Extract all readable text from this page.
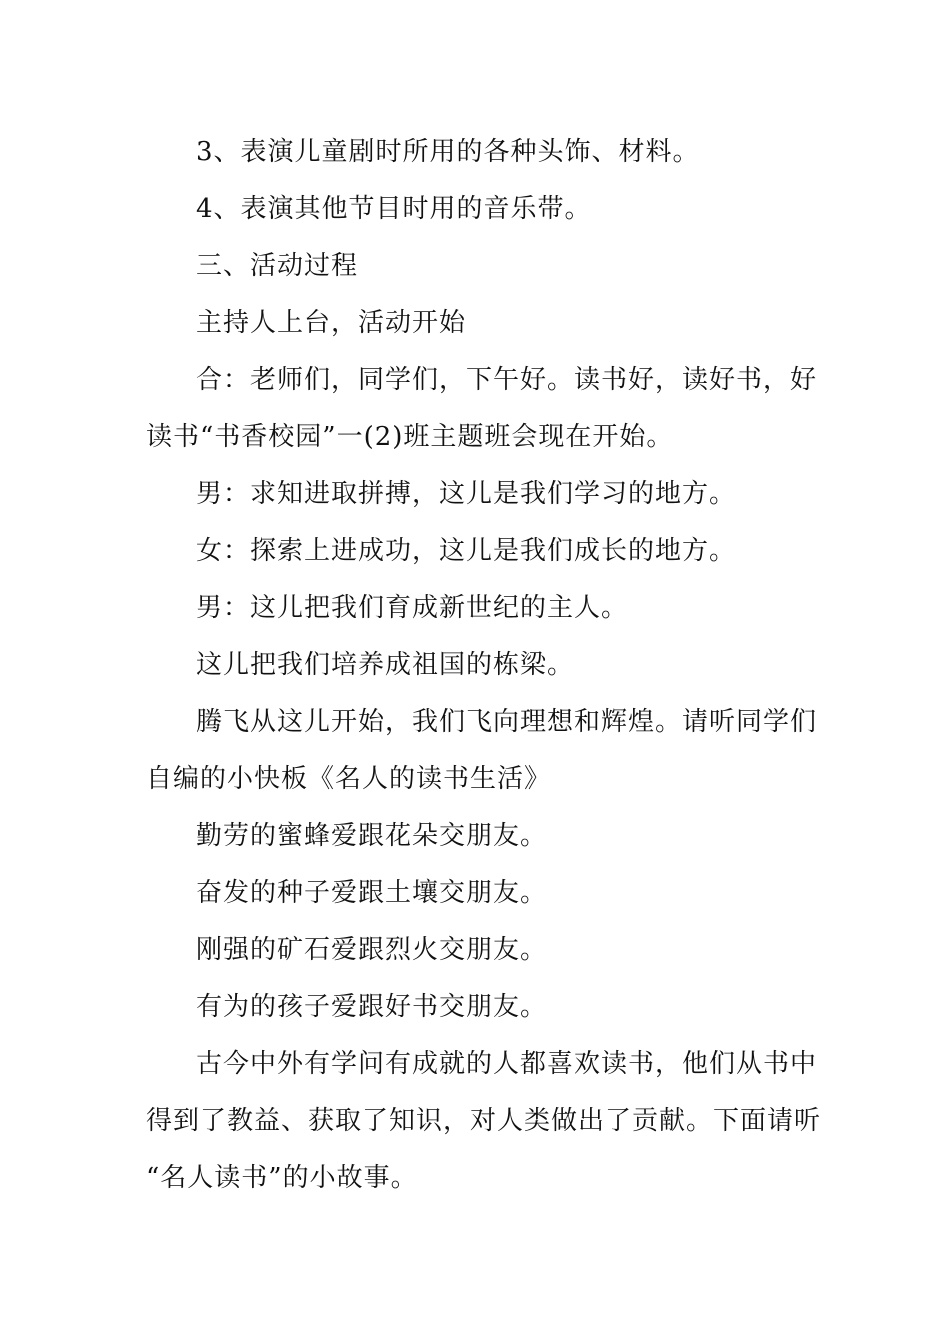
3、表演儿童剧时所用的各种头饰、材料。
4、表演其他节目时用的音乐带。
三、活动过程
主持人上台，活动开始
合：老师们，同学们，下午好。读书好，读好书，好
读书“书香校园”一(2)班主题班会现在开始。
男：求知进取拼搏，这儿是我们学习的地方。
女：探索上进成功，这儿是我们成长的地方。
男：这儿把我们育成新世纪的主人。
这儿把我们培养成祖国的栋梁。
腾飞从这儿开始，我们飞向理想和辉煌。请听同学们
自编的小快板《名人的读书生活》
勤劳的蜜蜂爱跟花朵交朋友。
奋发的种子爱跟土壤交朋友。
刚强的矿石爱跟烈火交朋友。
有为的孩子爱跟好书交朋友。
古今中外有学问有成就的人都喜欢读书，他们从书中
得到了教益、获取了知识，对人类做出了贡献。下面请听
“名人读书”的小故事。
